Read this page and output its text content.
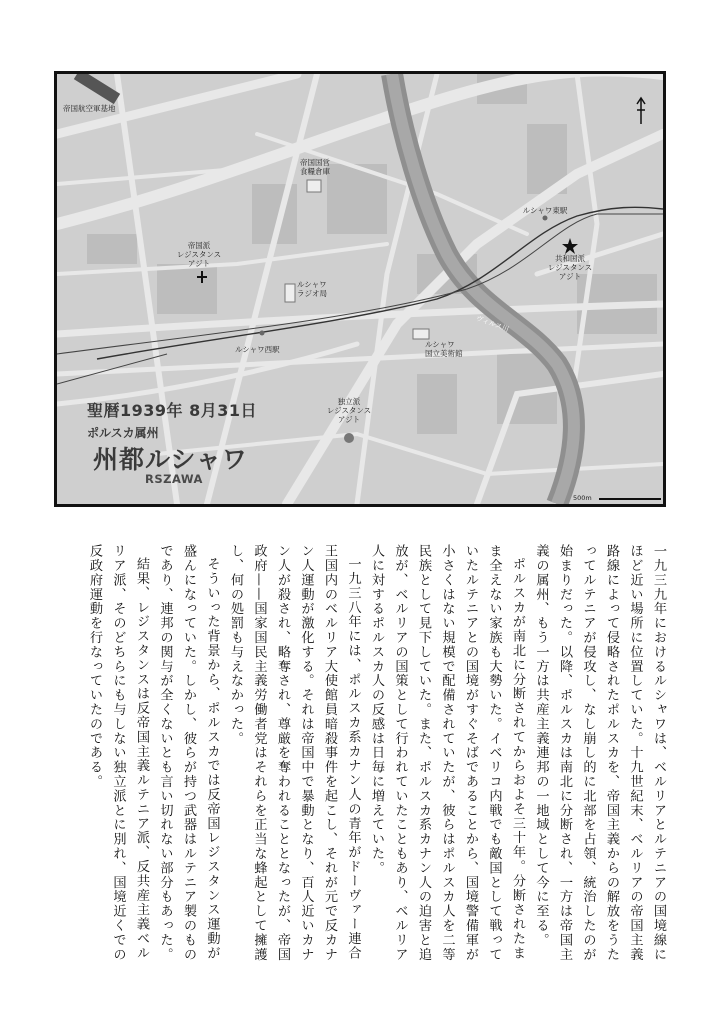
帝国航空軍基地
帝国国営
食糧倉庫
ルシャワ東駅
帝国派
レジスタンス
アジト
ルシャワ
ラジオ局
共和国派
レジスタンス
アジト
ルシャワ西駅
ルシャワ
国立美術館
ヴィルス川
独立派
レジスタンス
アジト
聖暦1939年 8月31日
ポルスカ属州
州都ルシャワ
RSZAWA
500m

一九三九年におけるルシャワは、ベルリアとルテニアの国境線にほど近い場所に位置していた。十九世紀末、ベルリアの帝国主義路線によって侵略されたポルスカを、帝国主義からの解放をうたってルテニアが侵攻し、なし崩し的に北部を占領、統治したのが始まりだった。以降、ポルスカは南北に分断され、一方は帝国主義の属州、もう一方は共産主義連邦の一地域として今に至る。

ポルスカが南北に分断されてからおよそ三十年。分断されたまま全えない家族も大勢いた。イベリコ内戦でも敵国として戦っていたルテニアとの国境がすぐそばであることから、国境警備軍が小さくはない規模で配備されていたが、彼らはポルスカ人を二等民族として見下していた。また、ポルスカ系カナン人の迫害と追放が、ベルリアの国策として行われていたこともあり、ベルリア人に対するポルスカ人の反感は日毎に増えていた。

一九三八年には、ポルスカ系カナン人の青年がドーヴァー連合王国内のベルリア大使館員暗殺事件を起こし、それが元で反カナン人運動が激化する。それは帝国中で暴動となり、百人近いカナン人が殺され、略奪され、尊厳を奪われることとなったが、帝国政府——国家国民主義労働者党はそれらを正当な蜂起として擁護し、何の処罰も与えなかった。

そういった背景から、ポルスカでは反帝国レジスタンス運動が盛んになっていた。しかし、彼らが持つ武器はルテニア製のものであり、連邦の関与が全くないとも言い切れない部分もあった。

結果、レジスタンスは反帝国主義ルテニア派、反共産主義ベルリア派、そのどちらにも与しない独立派とに別れ、国境近くでの反政府運動を行なっていたのである。
